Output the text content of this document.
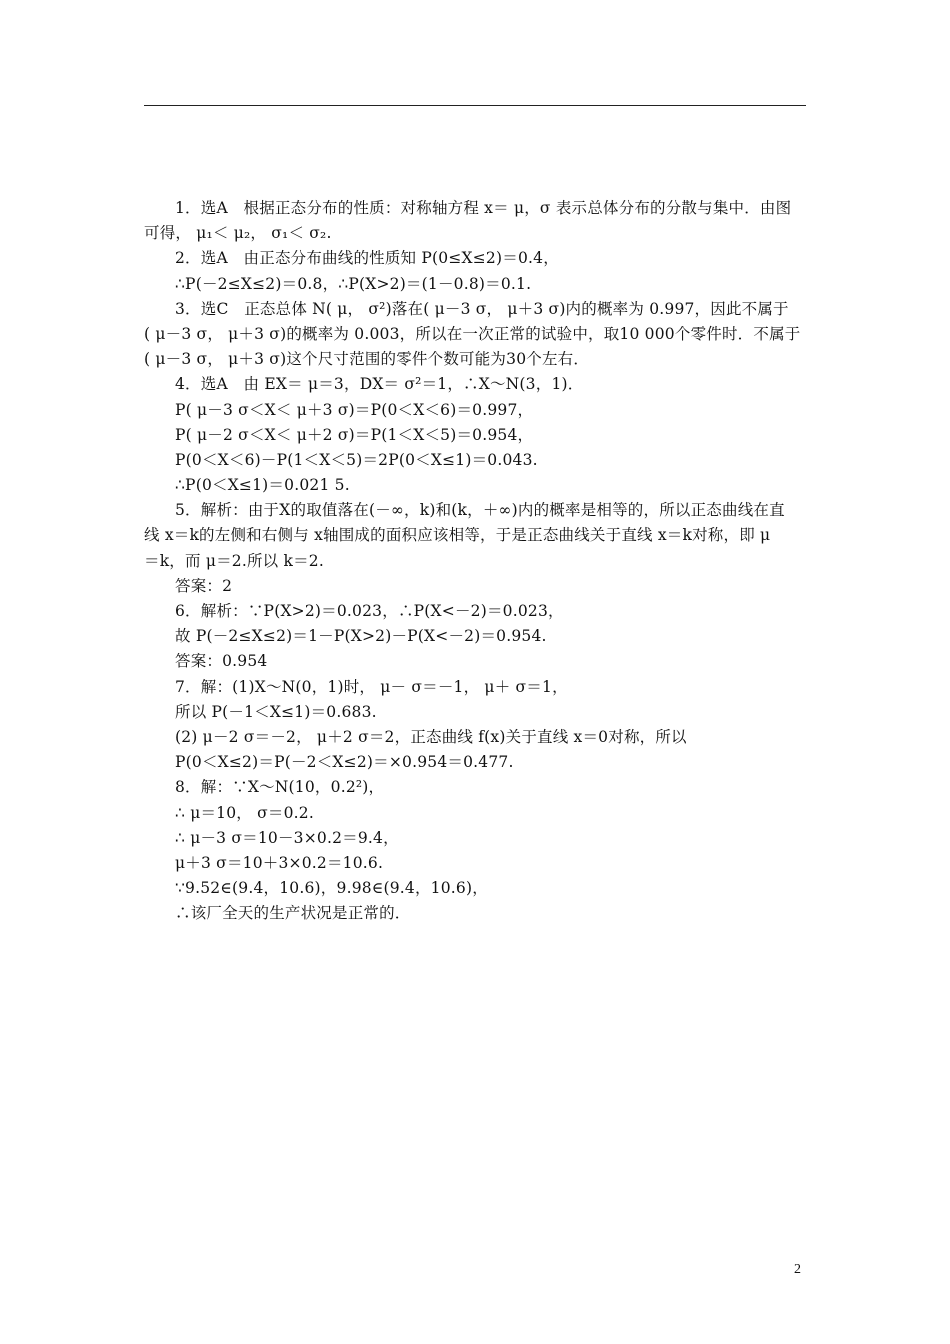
1．选A　根据正态分布的性质：对称轴方程 x＝ μ，σ 表示总体分布的分散与集中．由图
可得， μ₁＜ μ₂， σ₁＜ σ₂.
2．选A　由正态分布曲线的性质知 P(0≤X≤2)＝0.4，
∴P(－2≤X≤2)＝0.8，∴P(X>2)＝(1－0.8)＝0.1.
3．选C　正态总体 N( μ， σ²)落在( μ－3 σ， μ＋3 σ)内的概率为 0.997，因此不属于
( μ－3 σ， μ＋3 σ)的概率为 0.003，所以在一次正常的试验中，取10 000个零件时．不属于
( μ－3 σ， μ＋3 σ)这个尺寸范围的零件个数可能为30个左右．
4．选A　由 EX＝ μ＝3，DX＝ σ²＝1，∴X～N(3，1)．
P( μ－3 σ＜X＜ μ＋3 σ)＝P(0＜X＜6)＝0.997，
P( μ－2 σ＜X＜ μ＋2 σ)＝P(1＜X＜5)＝0.954，
P(0＜X＜6)－P(1＜X＜5)＝2P(0＜X≤1)＝0.043.
∴P(0＜X≤1)＝0.021 5.
5．解析：由于X的取值落在(－∞，k)和(k，＋∞)内的概率是相等的，所以正态曲线在直
线 x＝k的左侧和右侧与 x轴围成的面积应该相等，于是正态曲线关于直线 x＝k对称，即 μ
＝k，而 μ＝2.所以 k＝2.
答案：2
6．解析：∵P(X>2)＝0.023，∴P(X<－2)＝0.023，
故 P(－2≤X≤2)＝1－P(X>2)－P(X<－2)＝0.954.
答案：0.954
7．解：(1)X～N(0，1)时， μ－ σ＝－1， μ＋ σ＝1，
所以 P(－1＜X≤1)＝0.683.
(2) μ－2 σ＝－2， μ＋2 σ＝2，正态曲线 f(x)关于直线 x＝0对称，所以
P(0＜X≤2)＝P(－2＜X≤2)＝×0.954＝0.477.
8．解：∵X～N(10，0.2²)，
∴ μ＝10， σ＝0.2.
∴ μ－3 σ＝10－3×0.2＝9.4，
μ＋3 σ＝10＋3×0.2＝10.6.
∵9.52∈(9.4，10.6)，9.98∈(9.4，10.6)，
∴该厂全天的生产状况是正常的．
2
